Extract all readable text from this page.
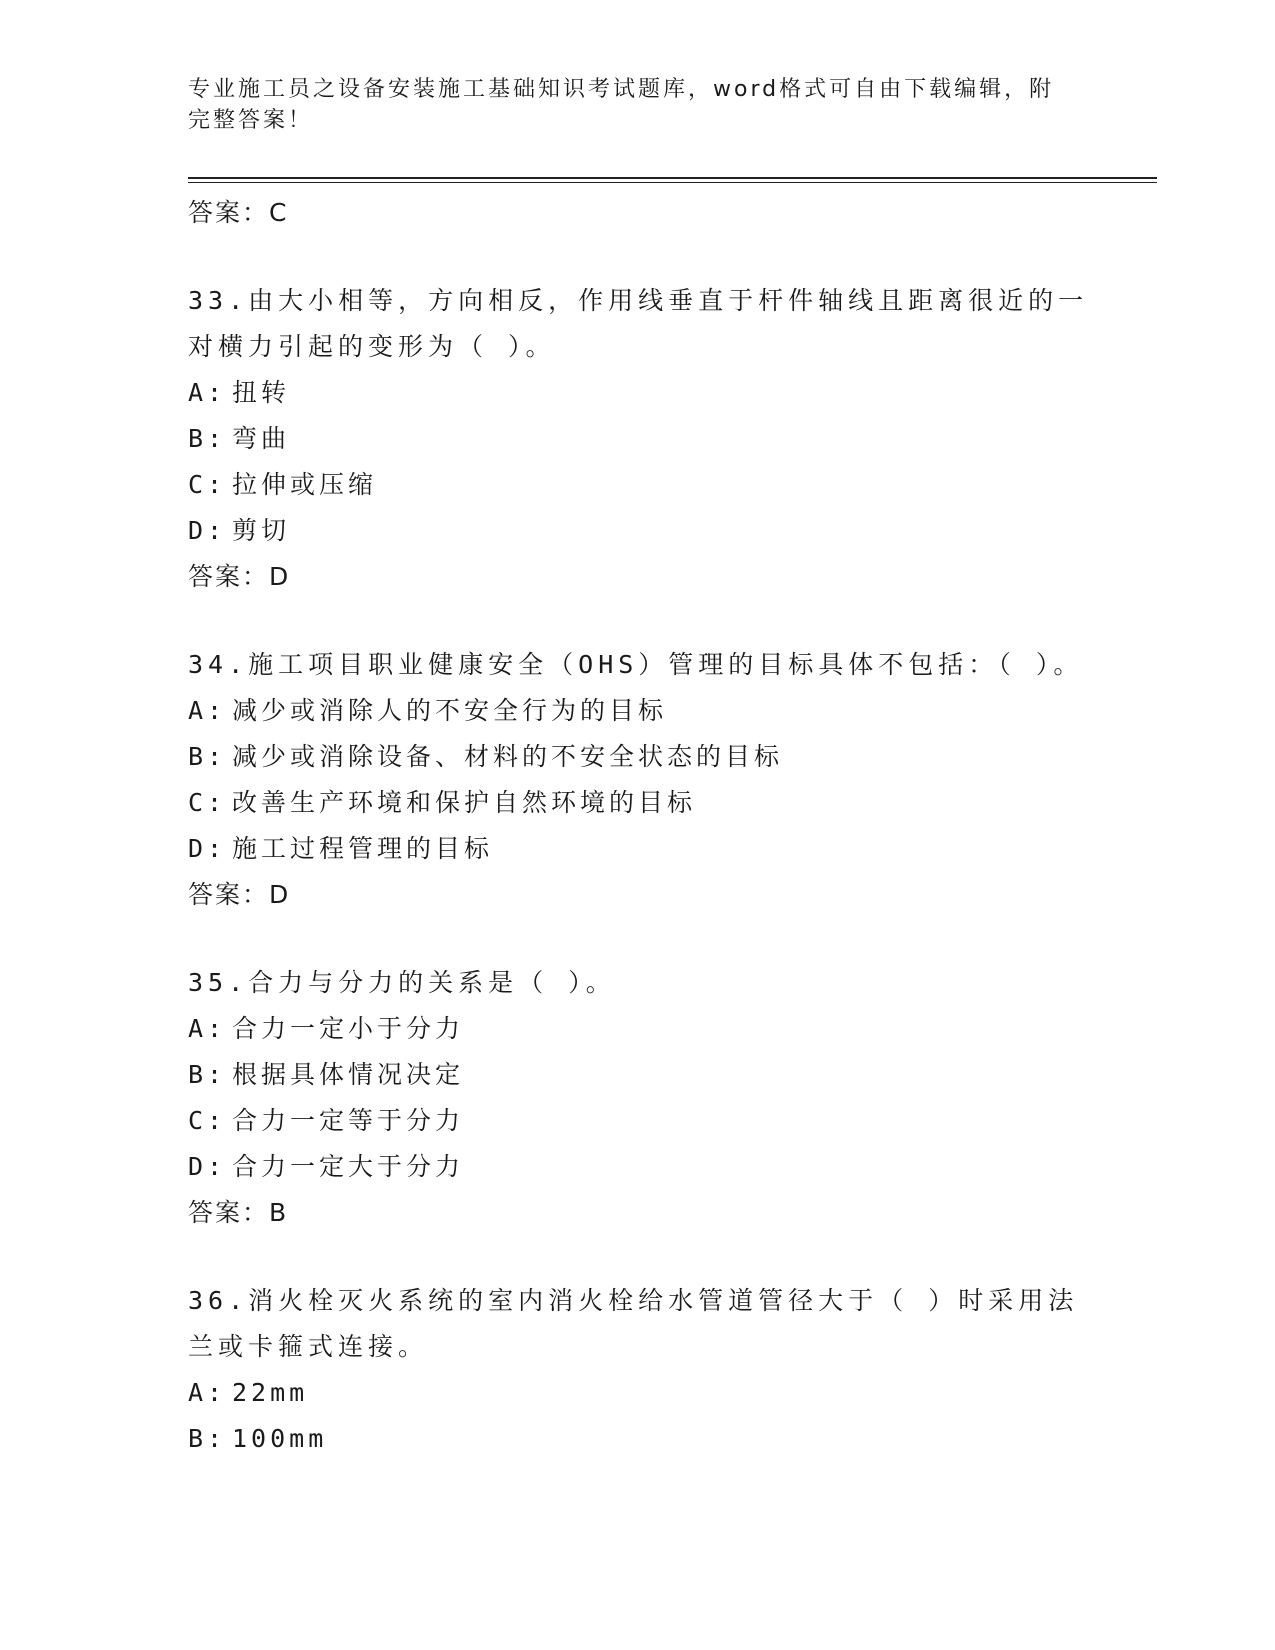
专业施工员之设备安装施工基础知识考试题库，word格式可自由下载编辑，附完整答案！
答案：C
33.由大小相等，方向相反，作用线垂直于杆件轴线且距离很近的一对横力引起的变形为（ ）。
A: 扭转
B: 弯曲
C: 拉伸或压缩
D: 剪切
答案：D
34.施工项目职业健康安全（OHS）管理的目标具体不包括：（ ）。
A: 减少或消除人的不安全行为的目标
B: 减少或消除设备、材料的不安全状态的目标
C: 改善生产环境和保护自然环境的目标
D: 施工过程管理的目标
答案：D
35.合力与分力的关系是（ ）。
A: 合力一定小于分力
B: 根据具体情况决定
C: 合力一定等于分力
D: 合力一定大于分力
答案：B
36.消火栓灭火系统的室内消火栓给水管道管径大于（ ）时采用法兰或卡箍式连接。
A: 22mm
B: 100mm
